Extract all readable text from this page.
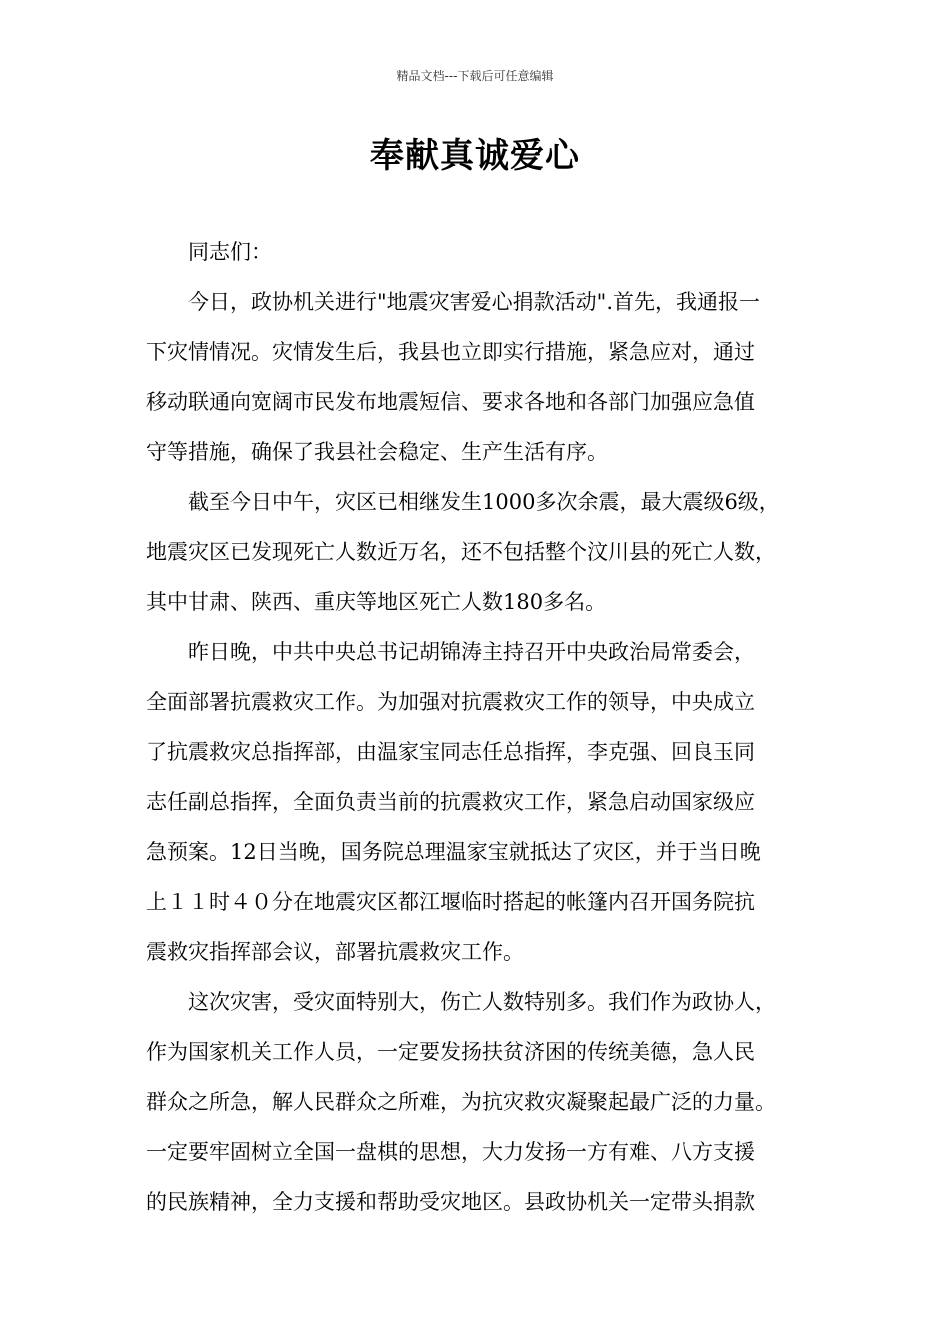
精品文档---下载后可任意编辑
奉献真诚爱心
同志们：
今日，政协机关进行"地震灾害爱心捐款活动".首先，我通报一
下灾情情况。灾情发生后，我县也立即实行措施，紧急应对，通过
移动联通向宽阔市民发布地震短信、要求各地和各部门加强应急值
守等措施，确保了我县社会稳定、生产生活有序。
截至今日中午，灾区已相继发生1000多次余震，最大震级6级，
地震灾区已发现死亡人数近万名，还不包括整个汶川县的死亡人数，
其中甘肃、陕西、重庆等地区死亡人数180多名。
昨日晚，中共中央总书记胡锦涛主持召开中央政治局常委会，
全面部署抗震救灾工作。为加强对抗震救灾工作的领导，中央成立
了抗震救灾总指挥部，由温家宝同志任总指挥，李克强、回良玉同
志任副总指挥，全面负责当前的抗震救灾工作，紧急启动国家级应
急预案。12日当晚，国务院总理温家宝就抵达了灾区，并于当日晚
上１１时４０分在地震灾区都江堰临时搭起的帐篷内召开国务院抗
震救灾指挥部会议，部署抗震救灾工作。
这次灾害，受灾面特别大，伤亡人数特别多。我们作为政协人，
作为国家机关工作人员，一定要发扬扶贫济困的传统美德，急人民
群众之所急，解人民群众之所难，为抗灾救灾凝聚起最广泛的力量。
一定要牢固树立全国一盘棋的思想，大力发扬一方有难、八方支援
的民族精神，全力支援和帮助受灾地区。县政协机关一定带头捐款
